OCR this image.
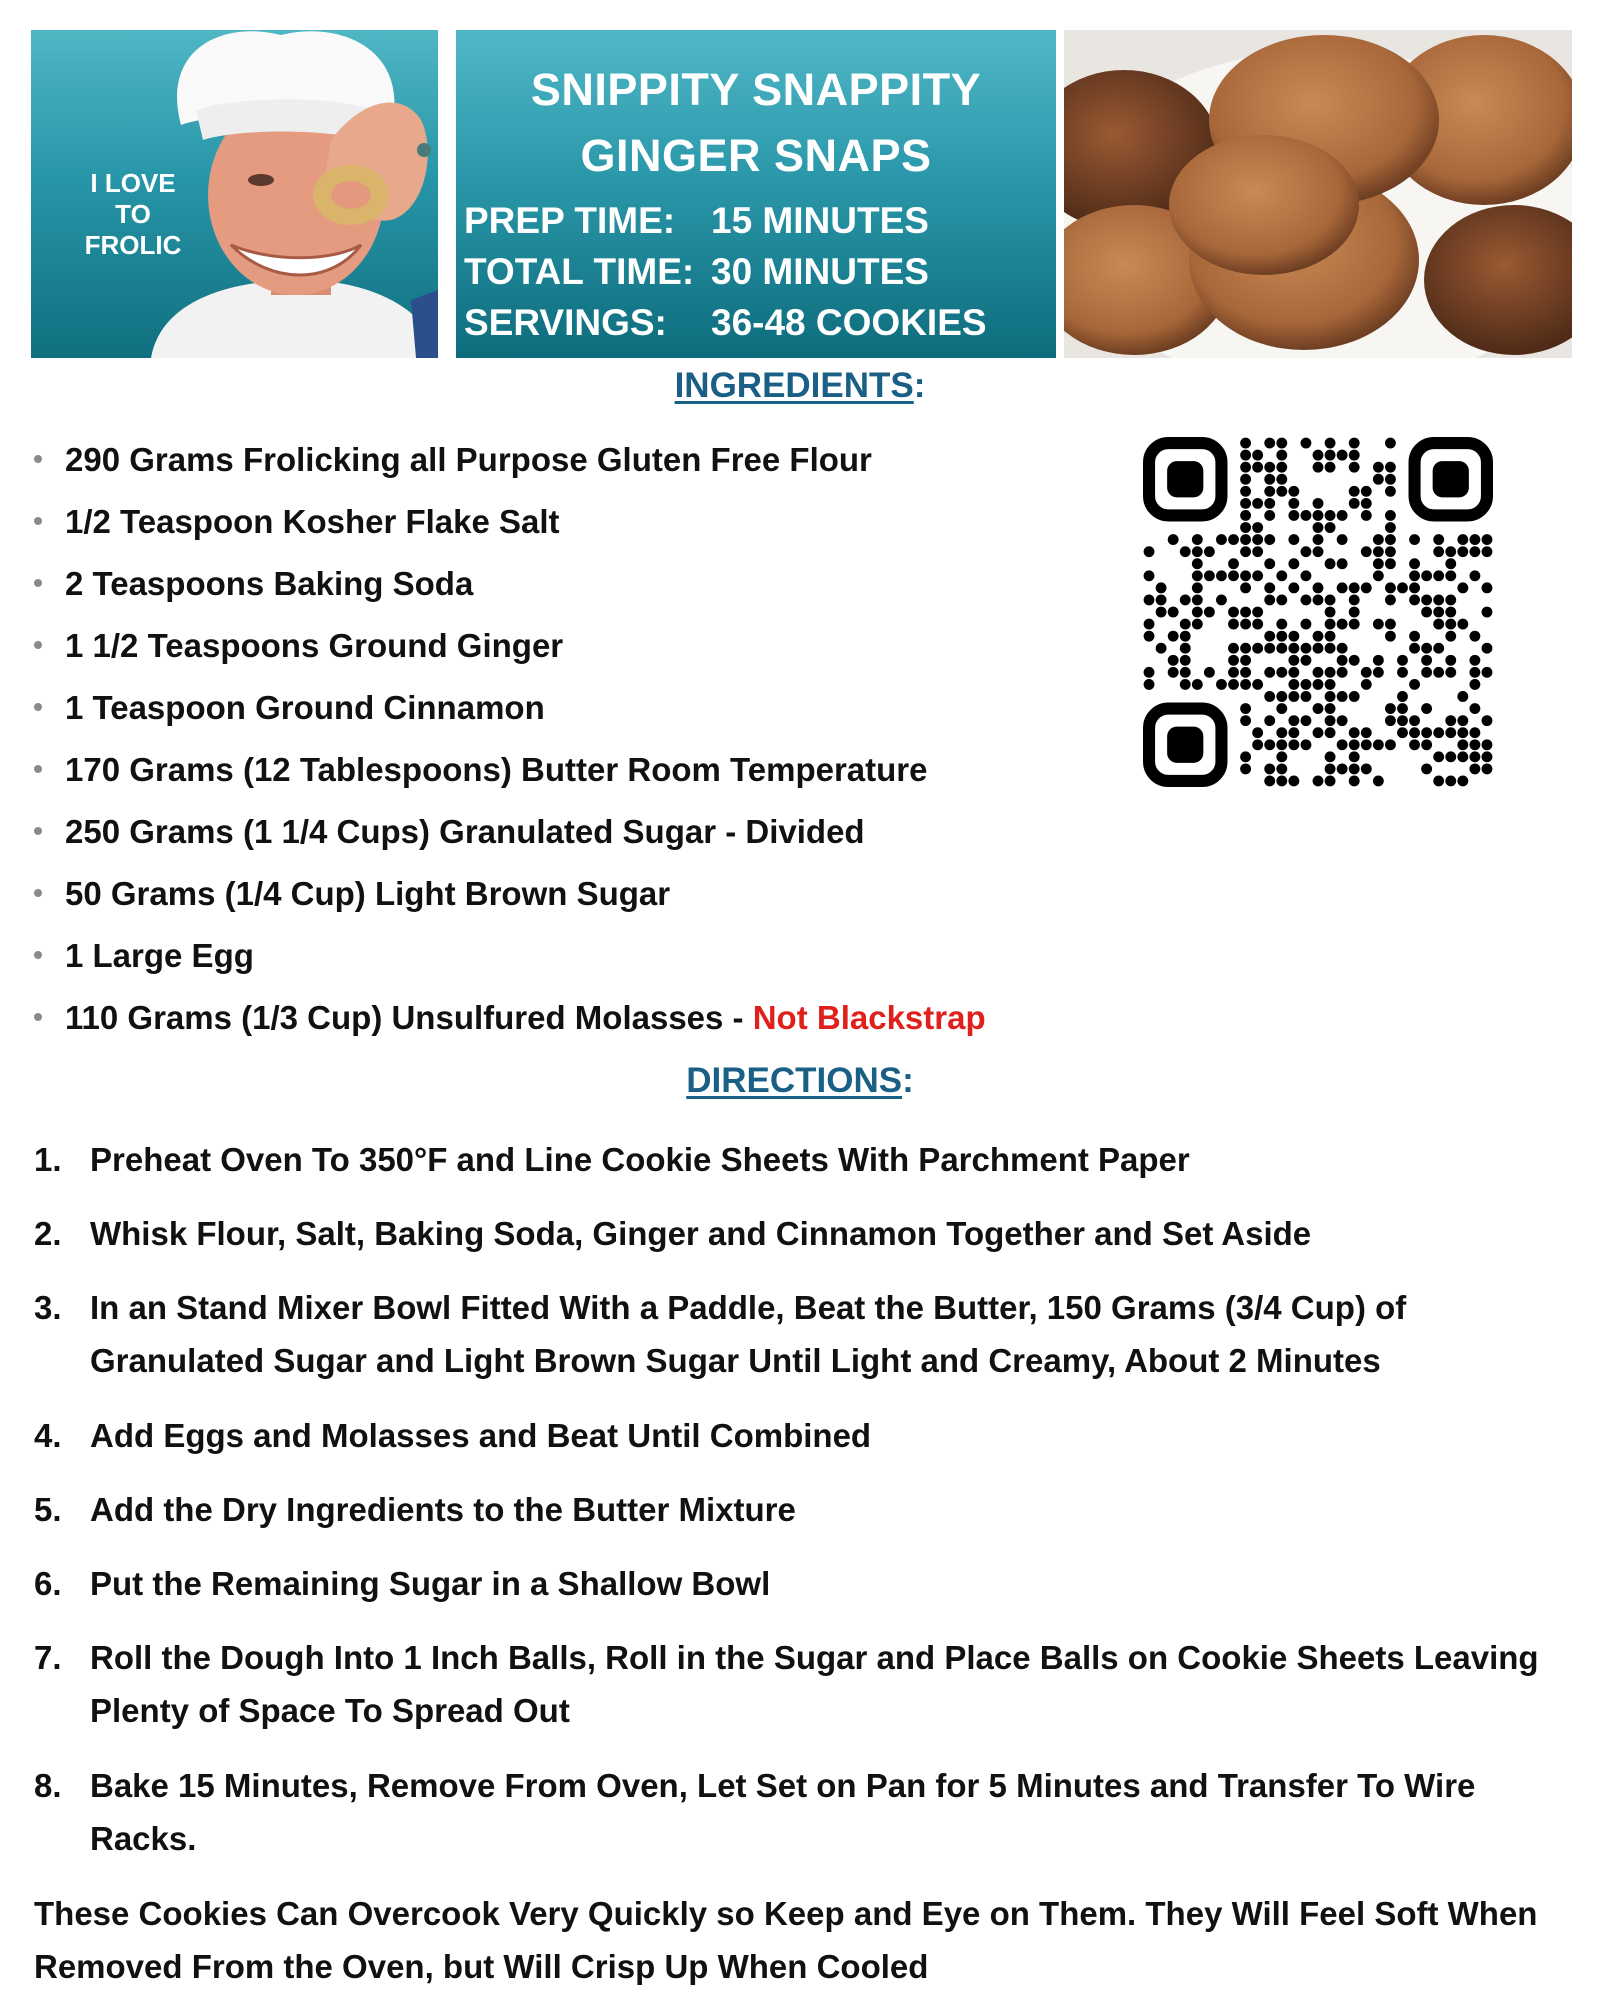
I LOVE
TO
FROLIC
SNIPPITY SNAPPITY
GINGER SNAPS
PREP TIME: 15 MINUTES
TOTAL TIME: 30 MINUTES
SERVINGS: 36-48 COOKIES
INGREDIENTS:
290 Grams Frolicking all Purpose Gluten Free Flour
1/2 Teaspoon Kosher Flake Salt
2 Teaspoons Baking Soda
1 1/2 Teaspoons Ground Ginger
1 Teaspoon Ground Cinnamon
170 Grams (12 Tablespoons) Butter Room Temperature
250 Grams (1 1/4 Cups) Granulated Sugar - Divided
50 Grams (1/4 Cup) Light Brown Sugar
1 Large Egg
110 Grams (1/3 Cup) Unsulfured Molasses - Not Blackstrap
DIRECTIONS:
1. Preheat Oven To 350°F and Line Cookie Sheets With Parchment Paper
2. Whisk Flour, Salt, Baking Soda, Ginger and Cinnamon Together and Set Aside
3. In an Stand Mixer Bowl Fitted With a Paddle, Beat the Butter, 150 Grams (3/4 Cup) of Granulated Sugar and Light Brown Sugar Until Light and Creamy, About 2 Minutes
4. Add Eggs and Molasses and Beat Until Combined
5. Add the Dry Ingredients to the Butter Mixture
6. Put the Remaining Sugar in a Shallow Bowl
7. Roll the Dough Into 1 Inch Balls, Roll in the Sugar and Place Balls on Cookie Sheets Leaving Plenty of Space To Spread Out
8. Bake 15 Minutes, Remove From Oven, Let Set on Pan for 5 Minutes and Transfer To Wire Racks.
These Cookies Can Overcook Very Quickly so Keep and Eye on Them. They Will Feel Soft When Removed From the Oven, but Will Crisp Up When Cooled
